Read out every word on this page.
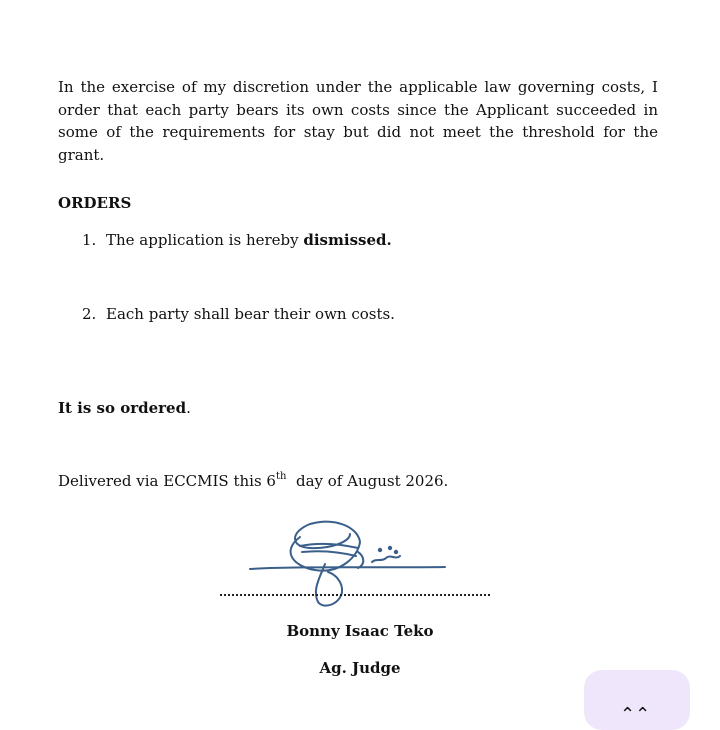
In the exercise of my discretion under the applicable law governing costs, I order that each party bears its own costs since the Applicant succeeded in some of the requirements for stay but did not meet the threshold for the grant.

ORDERS

1. The application is hereby dismissed.

2. Each party shall bear their own costs.

It is so ordered.

Delivered via ECCMIS this 6th  day of August 2026.

Bonny Isaac Teko

Ag. Judge

⌃⌃
